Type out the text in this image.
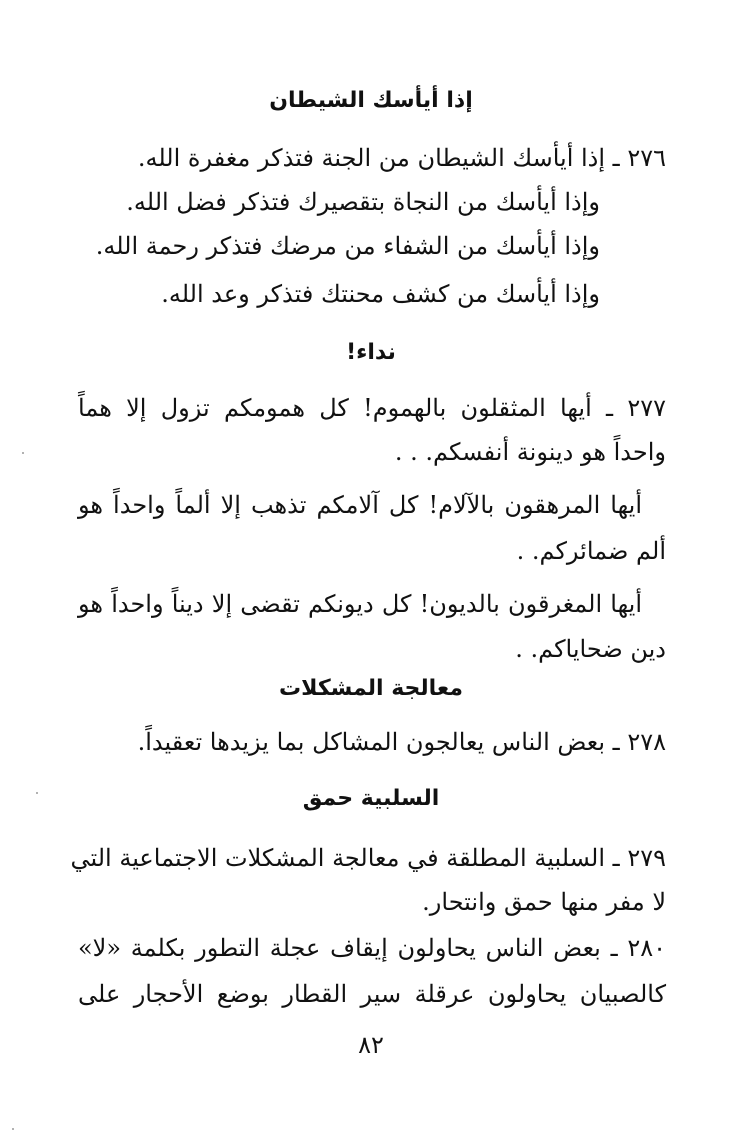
إذا أيأسك الشيطان
٢٧٦ ـ إذا أيأسك الشيطان من الجنة فتذكر مغفرة الله.
وإذا أيأسك من النجاة بتقصيرك فتذكر فضل الله.
وإذا أيأسك من الشفاء من مرضك فتذكر رحمة الله.
وإذا أيأسك من كشف محنتك فتذكر وعد الله.
نداء!
٢٧٧ ـ أيها المثقلون بالهموم! كل همومكم تزول إلا هماً
واحداً هو دينونة أنفسكم. . .
أيها المرهقون بالآلام! كل آلامكم تذهب إلا ألماً واحداً هو
ألم ضمائركم. .
أيها المغرقون بالديون! كل ديونكم تقضى إلا ديناً واحداً هو
دين ضحاياكم. .
معالجة المشكلات
٢٧٨ ـ بعض الناس يعالجون المشاكل بما يزيدها تعقيداً.
السلبية حمق
٢٧٩ ـ السلبية المطلقة في معالجة المشكلات الاجتماعية التي
لا مفر منها حمق وانتحار.
٢٨٠ ـ بعض الناس يحاولون إيقاف عجلة التطور بكلمة «لا»
كالصبيان يحاولون عرقلة سير القطار بوضع الأحجار على
٨٢
